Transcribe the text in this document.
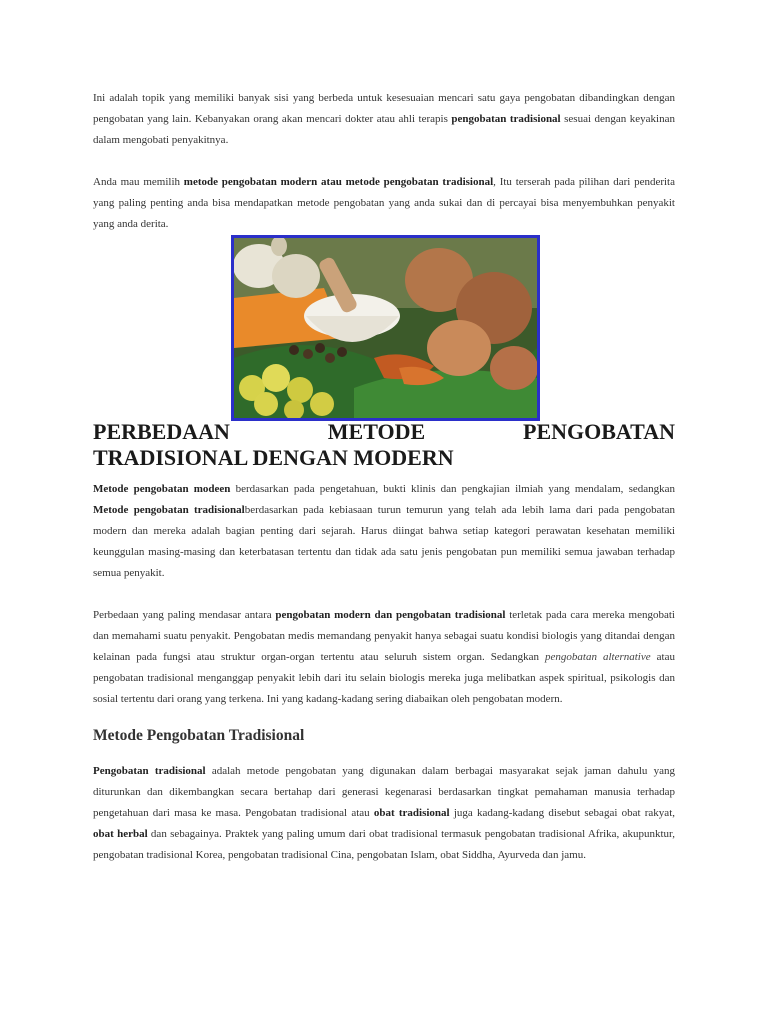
Ini adalah topik yang memiliki banyak sisi yang berbeda untuk kesesuaian mencari satu gaya pengobatan dibandingkan dengan pengobatan yang lain. Kebanyakan orang akan mencari dokter atau ahli terapis pengobatan tradisional sesuai dengan keyakinan dalam mengobati penyakitnya.

Anda mau memilih metode pengobatan modern atau metode pengobatan tradisional, Itu terserah pada pilihan dari penderita yang paling penting anda bisa mendapatkan metode pengobatan yang anda sukai dan di percayai bisa menyembuhkan penyakit yang anda derita.

PERBEDAAN	METODE	PENGOBATAN
TRADISIONAL DENGAN MODERN

Metode pengobatan modeen berdasarkan pada pengetahuan, bukti klinis dan pengkajian ilmiah yang mendalam, sedangkan Metode pengobatan tradisionalberdasarkan pada kebiasaan turun temurun yang telah ada lebih lama dari pada pengobatan modern dan mereka adalah bagian penting dari sejarah. Harus diingat bahwa setiap kategori perawatan kesehatan memiliki keunggulan masing-masing dan keterbatasan tertentu dan tidak ada satu jenis pengobatan pun memiliki semua jawaban terhadap semua penyakit.

Perbedaan yang paling mendasar antara pengobatan modern dan pengobatan tradisional terletak pada cara mereka mengobati dan memahami suatu penyakit. Pengobatan medis memandang penyakit hanya sebagai suatu kondisi biologis yang ditandai dengan kelainan pada fungsi atau struktur organ-organ tertentu atau seluruh sistem organ. Sedangkan pengobatan alternative atau pengobatan tradisional menganggap penyakit lebih dari itu selain biologis mereka juga melibatkan aspek spiritual, psikologis dan sosial tertentu dari orang yang terkena. Ini yang kadang-kadang sering diabaikan oleh pengobatan modern.

Metode Pengobatan Tradisional

Pengobatan tradisional adalah metode pengobatan yang digunakan dalam berbagai masyarakat sejak jaman dahulu yang diturunkan dan dikembangkan secara bertahap dari generasi kegenarasi berdasarkan tingkat pemahaman manusia terhadap pengetahuan dari masa ke masa. Pengobatan tradisional atau obat tradisional juga kadang-kadang disebut sebagai obat rakyat, obat herbal dan sebagainya. Praktek yang paling umum dari obat tradisional termasuk pengobatan tradisional Afrika, akupunktur, pengobatan tradisional Korea, pengobatan tradisional Cina, pengobatan Islam, obat Siddha, Ayurveda dan jamu.
